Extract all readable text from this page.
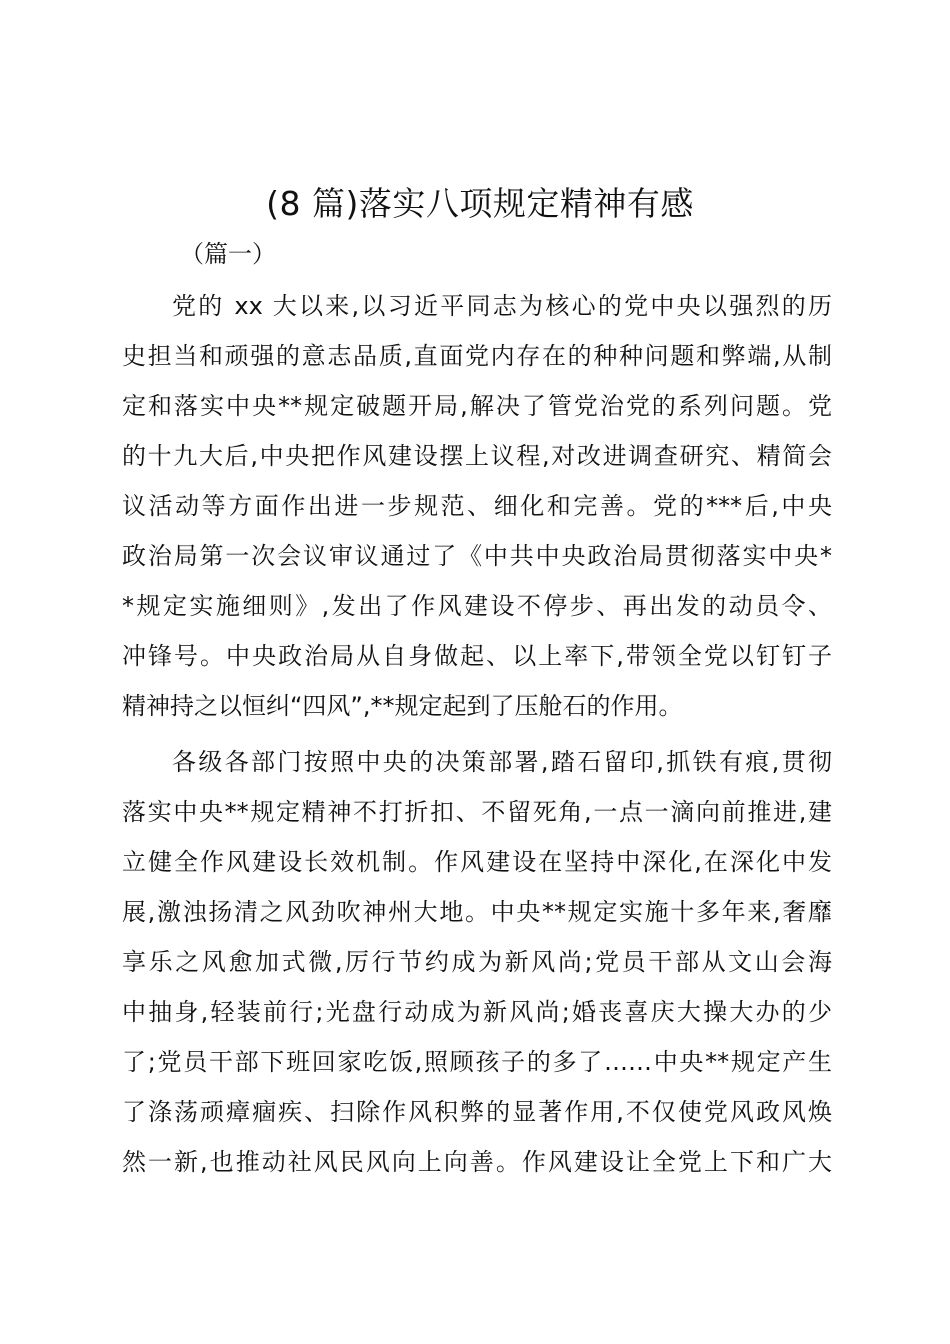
(8 篇)落实八项规定精神有感
（篇一）
党的 xx 大以来,以习近平同志为核心的党中央以强烈的历
史担当和顽强的意志品质,直面党内存在的种种问题和弊端,从制
定和落实中央**规定破题开局,解决了管党治党的系列问题。党
的十九大后,中央把作风建设摆上议程,对改进调查研究、精简会
议活动等方面作出进一步规范、细化和完善。党的***后,中央
政治局第一次会议审议通过了《中共中央政治局贯彻落实中央*
*规定实施细则》,发出了作风建设不停步、再出发的动员令、
冲锋号。中央政治局从自身做起、以上率下,带领全党以钉钉子
精神持之以恒纠“四风”,**规定起到了压舱石的作用。
各级各部门按照中央的决策部署,踏石留印,抓铁有痕,贯彻
落实中央**规定精神不打折扣、不留死角,一点一滴向前推进,建
立健全作风建设长效机制。作风建设在坚持中深化,在深化中发
展,激浊扬清之风劲吹神州大地。中央**规定实施十多年来,奢靡
享乐之风愈加式微,厉行节约成为新风尚;党员干部从文山会海
中抽身,轻装前行;光盘行动成为新风尚;婚丧喜庆大操大办的少
了;党员干部下班回家吃饭,照顾孩子的多了……中央**规定产生
了涤荡顽瘴痼疾、扫除作风积弊的显著作用,不仅使党风政风焕
然一新,也推动社风民风向上向善。作风建设让全党上下和广大
